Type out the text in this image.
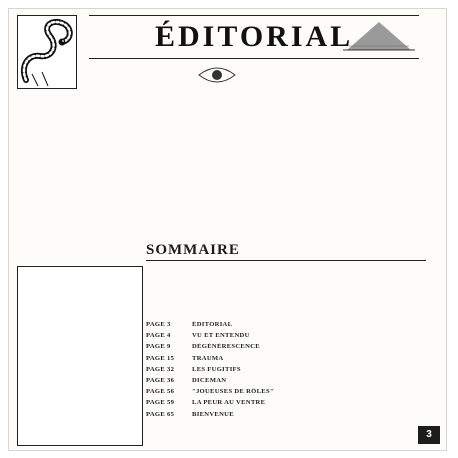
ÉDITORIAL
SOMMAIRE
PAGE 3	ÉDITORIAL
PAGE 4	VU ET ENTENDU
PAGE 9	DÉGÉNÉRESCENCE
PAGE 15	TRAUMA
PAGE 32	LES FUGITIFS
PAGE 36	DICEMAN
PAGE 56	"JOUEUSES DE RÔLES"
PAGE 59	LA PEUR AU VENTRE
PAGE 65	BIENVENUE
3
